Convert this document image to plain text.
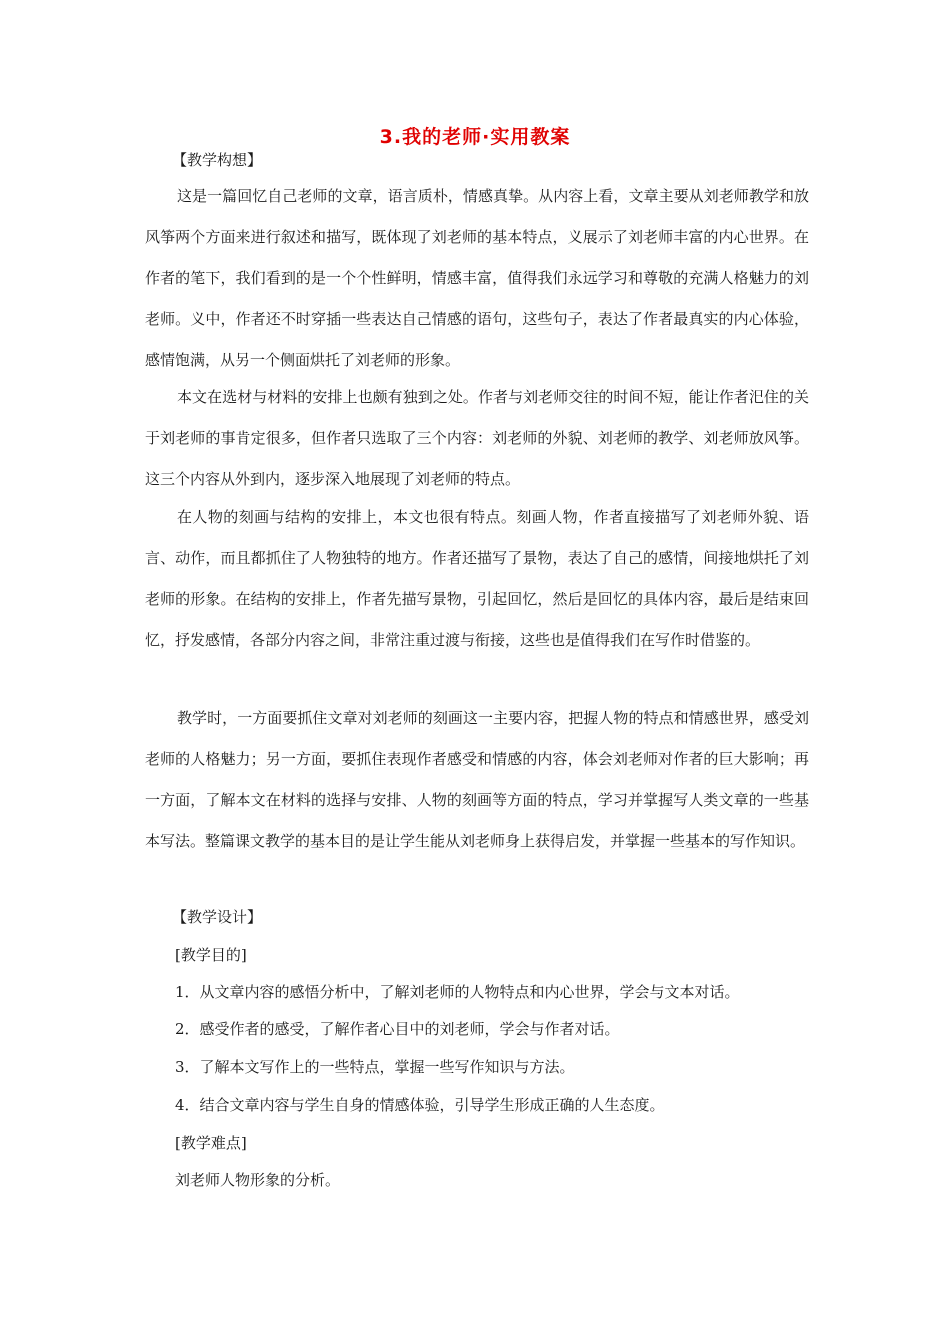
3.我的老师·实用教案
【教学构想】

这是一篇回忆自己老师的文章，语言质朴，情感真挚。从内容上看，文章主要从刘老师教学和放风筝两个方面来进行叙述和描写，既体现了刘老师的基本特点，义展示了刘老师丰富的内心世界。在作者的笔下，我们看到的是一个个性鲜明，情感丰富，值得我们永远学习和尊敬的充满人格魅力的刘老师。义中，作者还不时穿插一些表达自己情感的语句，这些句子，表达了作者最真实的内心体验，感情饱满，从另一个侧面烘托了刘老师的形象。

本文在选材与材料的安排上也颇有独到之处。作者与刘老师交往的时间不短，能让作者汜住的关于刘老师的事肯定很多，但作者只选取了三个内容：刘老师的外貌、刘老师的教学、刘老师放风筝。这三个内容从外到内，逐步深入地展现了刘老师的特点。

在人物的刻画与结构的安排上，本文也很有特点。刻画人物，作者直接描写了刘老师外貌、语言、动作，而且都抓住了人物独特的地方。作者还描写了景物，表达了自己的感情，间接地烘托了刘老师的形象。在结构的安排上，作者先描写景物，引起回忆，然后是回忆的具体内容，最后是结束回忆，抒发感情，各部分内容之间，非常注重过渡与衔接，这些也是值得我们在写作时借鉴的。

教学时，一方面要抓住文章对刘老师的刻画这一主要内容，把握人物的特点和情感世界，感受刘老师的人格魅力；另一方面，要抓住表现作者感受和情感的内容，体会刘老师对作者的巨大影响；再一方面，了解本文在材料的选择与安排、人物的刻画等方面的特点，学习并掌握写人类文章的一些基本写法。整篇课文教学的基本目的是让学生能从刘老师身上获得启发，并掌握一些基本的写作知识。

【教学设计】
[教学目的]
1．从文章内容的感悟分析中，了解刘老师的人物特点和内心世界，学会与文本对话。
2．感受作者的感受，了解作者心目中的刘老师，学会与作者对话。
3．了解本文写作上的一些特点，掌握一些写作知识与方法。
4．结合文章内容与学生自身的情感体验，引导学生形成正确的人生态度。
[教学难点]
刘老师人物形象的分析。
